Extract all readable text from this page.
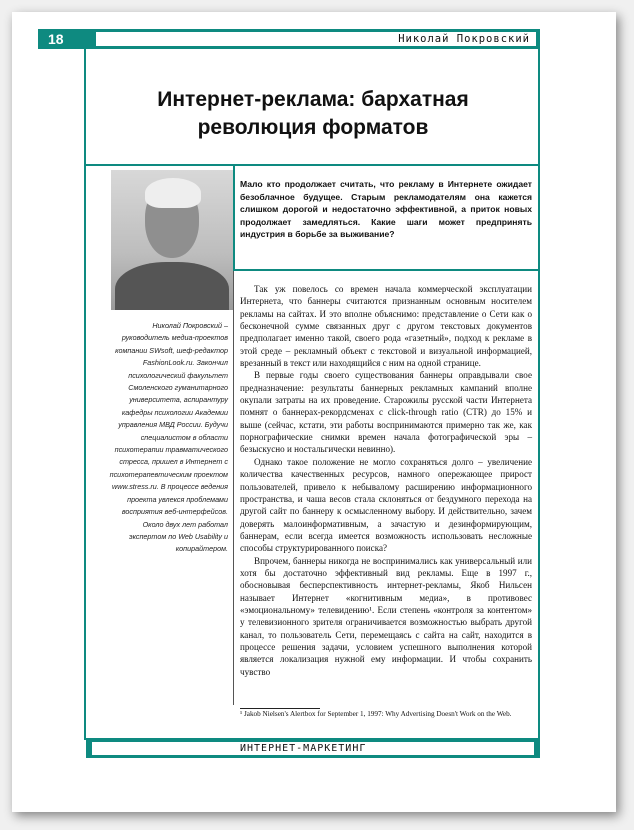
18	Николай Покровский
Интернет-реклама: бархатная
революция форматов
Николай Покровский – руководитель медиа-проектов компании SWsoft, шеф-редактор FashionLook.ru. Закончил психологический факультет Смоленского гуманитарного университета, аспирантуру кафедры психологии Академии управления МВД России. Будучи специалистом в области психотерапии травматического стресса, пришел в Интернет с психотерапевтическим проектом www.stress.ru. В процессе ведения проекта увлекся проблемами восприятия веб-интерфейсов. Около двух лет работал экспертом по Web Usability и копирайтером.
Мало кто продолжает считать, что рекламу в Интернете ожидает безоблачное будущее. Старым рекламодателям она кажется слишком дорогой и недостаточно эффективной, а приток новых продолжает замедляться. Какие шаги может предпринять индустрия в борьбе за выживание?

Так уж повелось со времен начала коммерческой эксплуатации Интернета, что баннеры считаются признанным основным носителем рекламы на сайтах. И это вполне объяснимо: представление о Сети как о бесконечной сумме связанных друг с другом текстовых документов предполагает именно такой, своего рода «газетный», подход к рекламе в этой среде – рекламный объект с текстовой и визуальной информацией, врезанный в текст или находящийся с ним на одной странице.

В первые годы своего существования баннеры оправдывали свое предназначение: результаты баннерных рекламных кампаний вполне окупали затраты на их проведение. Старожилы русской части Интернета помнят о баннерах-рекордсменах с click-through ratio (CTR) до 15% и выше (сейчас, кстати, эти работы воспринимаются примерно так же, как порнографические снимки времен начала фотографической эры – безыскусно и ностальгически невинно).

Однако такое положение не могло сохраняться долго – увеличение количества качественных ресурсов, намного опережающее прирост пользователей, привело к небывалому расширению информационного пространства, и чаша весов стала склоняться от бездумного перехода на другой сайт по баннеру к осмысленному выбору. И действительно, зачем доверять малоинформативным, а зачастую и дезинформирующим, баннерам, если всегда имеется возможность использовать несложные способы структурированного поиска?

Впрочем, баннеры никогда не воспринимались как универсальный или хотя бы достаточно эффективный вид рекламы. Еще в 1997 г., обосновывая бесперспективность интернет-рекламы, Якоб Нильсен называет Интернет «когнитивным медиа», в противовес «эмоциональному» телевидению¹. Если степень «контроля за контентом» у телевизионного зрителя ограничивается возможностью выбрать другой канал, то пользователь Сети, перемещаясь с сайта на сайт, находится в процессе решения задачи, условием успешного выполнения которой является локализация нужной ему информации. И чтобы сохранить чувство

¹ Jakob Nielsen's Alertbox for September 1, 1997: Why Advertising Doesn't Work on the Web.
ИНТЕРНЕТ-МАРКЕТИНГ
